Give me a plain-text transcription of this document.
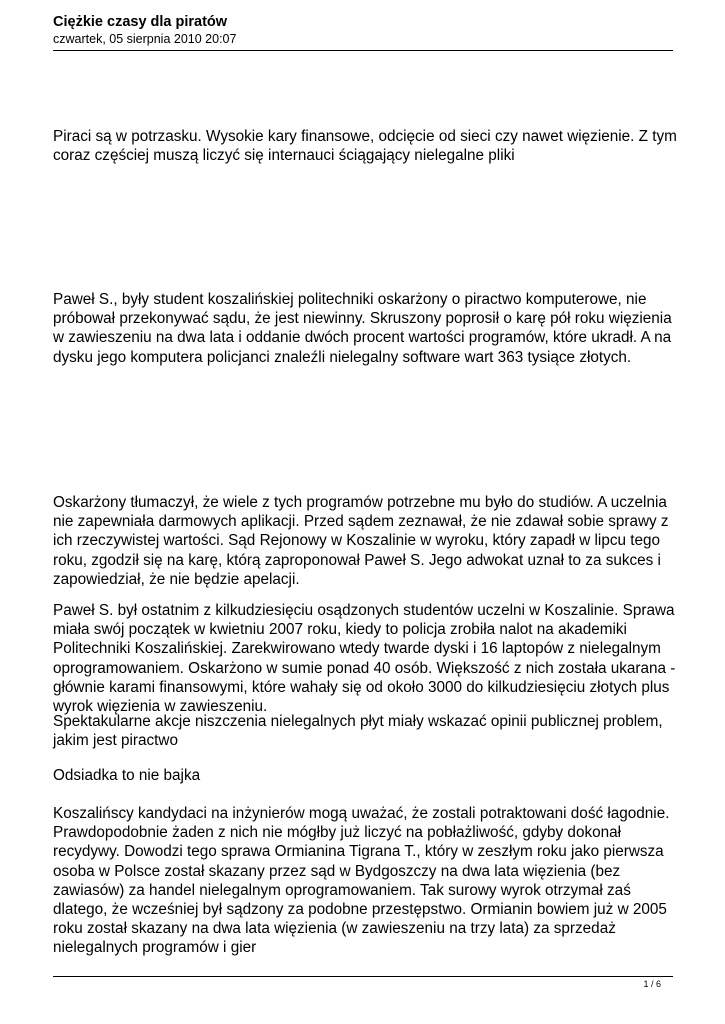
Ciężkie czasy dla piratów
czwartek, 05 sierpnia 2010 20:07

Piraci są w potrzasku. Wysokie kary finansowe, odcięcie od sieci czy nawet więzienie. Z tym coraz częściej muszą liczyć się internauci ściągający nielegalne pliki

Paweł S., były student koszalińskiej politechniki oskarżony o piractwo komputerowe, nie próbował przekonywać sądu, że jest niewinny. Skruszony poprosił o karę pół roku więzienia w zawieszeniu na dwa lata i oddanie dwóch procent wartości programów, które ukradł. A na dysku jego komputera policjanci znaleźli nielegalny software wart 363 tysiące złotych.

Oskarżony tłumaczył, że wiele z tych programów potrzebne mu było do studiów. A uczelnia nie zapewniała darmowych aplikacji. Przed sądem zeznawał, że nie zdawał sobie sprawy z ich rzeczywistej wartości. Sąd Rejonowy w Koszalinie w wyroku, który zapadł w lipcu tego roku, zgodził się na karę, którą zaproponował Paweł S. Jego adwokat uznał to za sukces i zapowiedział, że nie będzie apelacji.

Paweł S. był ostatnim z kilkudziesięciu osądzonych studentów uczelni w Koszalinie. Sprawa miała swój początek w kwietniu 2007 roku, kiedy to policja zrobiła nalot na akademiki Politechniki Koszalińskiej. Zarekwirowano wtedy twarde dyski i 16 laptopów z nielegalnym oprogramowaniem. Oskarżono w sumie ponad 40 osób. Większość z nich została ukarana - głównie karami finansowymi, które wahały się od około 3000 do kilkudziesięciu złotych plus wyrok więzienia w zawieszeniu.

Spektakularne akcje niszczenia nielegalnych płyt miały wskazać opinii publicznej problem, jakim jest piractwo

Odsiadka to nie bajka

Koszalińscy kandydaci na inżynierów mogą uważać, że zostali potraktowani dość łagodnie. Prawdopodobnie żaden z nich nie mógłby już liczyć na pobłażliwość, gdyby dokonał recydywy. Dowodzi tego sprawa Ormianina Tigrana T., który w zeszłym roku jako pierwsza osoba w Polsce został skazany przez sąd w Bydgoszczy na dwa lata więzienia (bez zawiasów) za handel nielegalnym oprogramowaniem. Tak surowy wyrok otrzymał zaś dlatego, że wcześniej był sądzony za podobne przestępstwo. Ormianin bowiem już w 2005 roku został skazany na dwa lata więzienia (w zawieszeniu na trzy lata) za sprzedaż nielegalnych programów i gier

1 / 6
